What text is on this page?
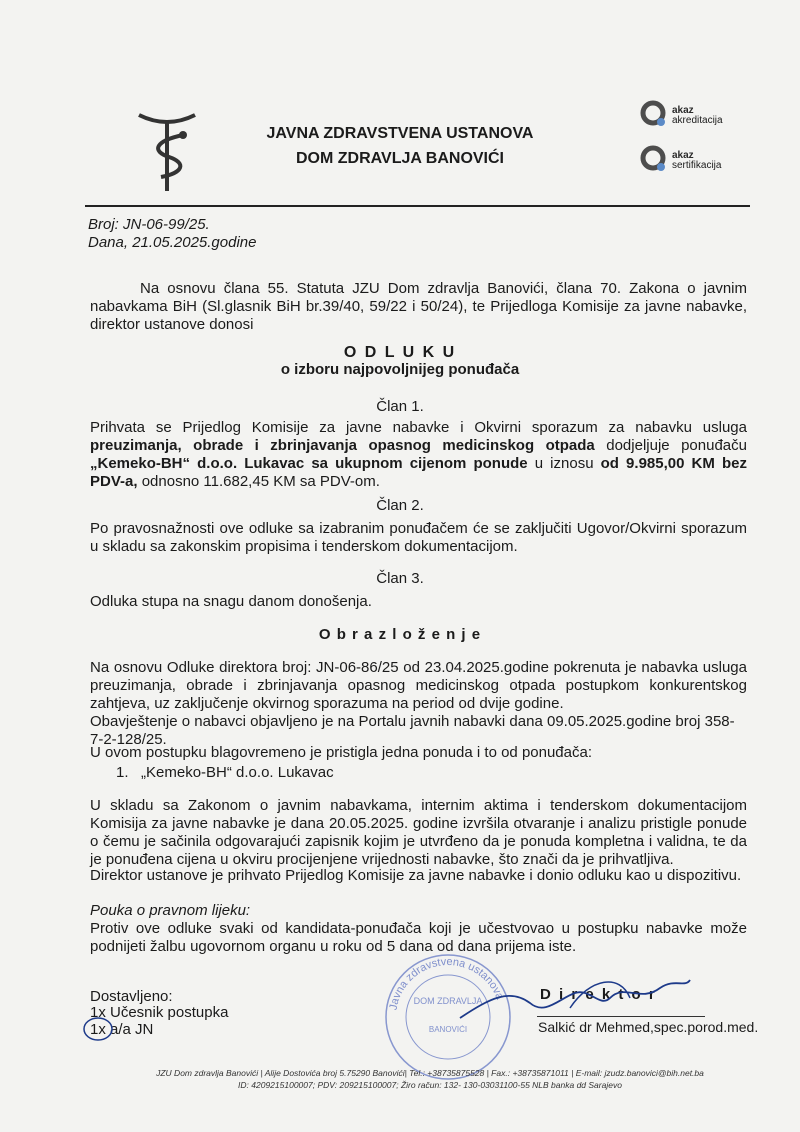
JAVNA ZDRAVSTVENA USTANOVA
DOM ZDRAVLJA BANOVIĆI
akaz
akreditacija
akaz
sertifikacija
Broj: JN-06-99/25.
Dana, 21.05.2025.godine
Na osnovu člana 55. Statuta JZU Dom zdravlja Banovići, člana 70. Zakona o javnim nabavkama BiH (Sl.glasnik BiH br.39/40, 59/22 i 50/24), te Prijedloga Komisije za javne nabavke, direktor ustanove donosi
O D L U K U
o izboru najpovoljnijeg ponuđača
Član 1.
Prihvata se Prijedlog Komisije za javne nabavke i Okvirni sporazum za nabavku usluga preuzimanja, obrade i zbrinjavanja opasnog medicinskog otpada dodjeljuje ponuđaču „Kemeko-BH“ d.o.o. Lukavac sa ukupnom cijenom ponude u iznosu od 9.985,00 KM bez PDV-a, odnosno 11.682,45 KM sa PDV-om.
Član 2.
Po pravosnažnosti ove odluke sa izabranim ponuđačem će se zaključiti Ugovor/Okvirni sporazum u skladu sa zakonskim propisima i tenderskom dokumentacijom.
Član 3.
Odluka stupa na snagu danom donošenja.
O b r a z l o ž e n j e
Na osnovu Odluke direktora broj: JN-06-86/25 od 23.04.2025.godine pokrenuta je nabavka usluga preuzimanja, obrade i zbrinjavanja opasnog medicinskog otpada postupkom konkurentskog zahtjeva, uz zaključenje okvirnog sporazuma na period od dvije godine.
Obavještenje o nabavci objavljeno je na Portalu javnih nabavki dana 09.05.2025.godine broj 358-7-2-128/25.
U ovom postupku blagovremeno je pristigla jedna ponuda i to od ponuđača:
1. „Kemeko-BH“ d.o.o. Lukavac
U skladu sa Zakonom o javnim nabavkama, internim aktima i tenderskom dokumentacijom Komisija za javne nabavke je dana 20.05.2025. godine izvršila otvaranje i analizu pristigle ponude o čemu je sačinila odgovarajući zapisnik kojim je utvrđeno da je ponuda kompletna i validna, te da je ponuđena cijena u okviru procijenjene vrijednosti nabavke, što znači da je prihvatljiva.
Direktor ustanove je prihvato Prijedlog Komisije za javne nabavke i donio odluku kao u dispozitivu.
Pouka o pravnom lijeku:
Protiv ove odluke svaki od kandidata-ponuđača koji je učestvovao u postupku nabavke može podnijeti žalbu ugovornom organu u roku od 5 dana od dana prijema iste.
Dostavljeno:
1x Učesnik postupka
1x a/a JN
Javna zdravstvena ustanova
DOM ZDRAVLJA
BANOVIĆI
D i r e k t o r
Salkić dr Mehmed,spec.porod.med.
JZU Dom zdravlja Banovići | Alije Dostovića broj 5.75290 Banovići| Tel.: +38735875528 | Fax.: +38735871011 | E-mail: jzudz.banovici@bih.net.ba
ID: 4209215100007; PDV: 209215100007; Žiro račun: 132- 130-03031100-55 NLB banka dd Sarajevo
